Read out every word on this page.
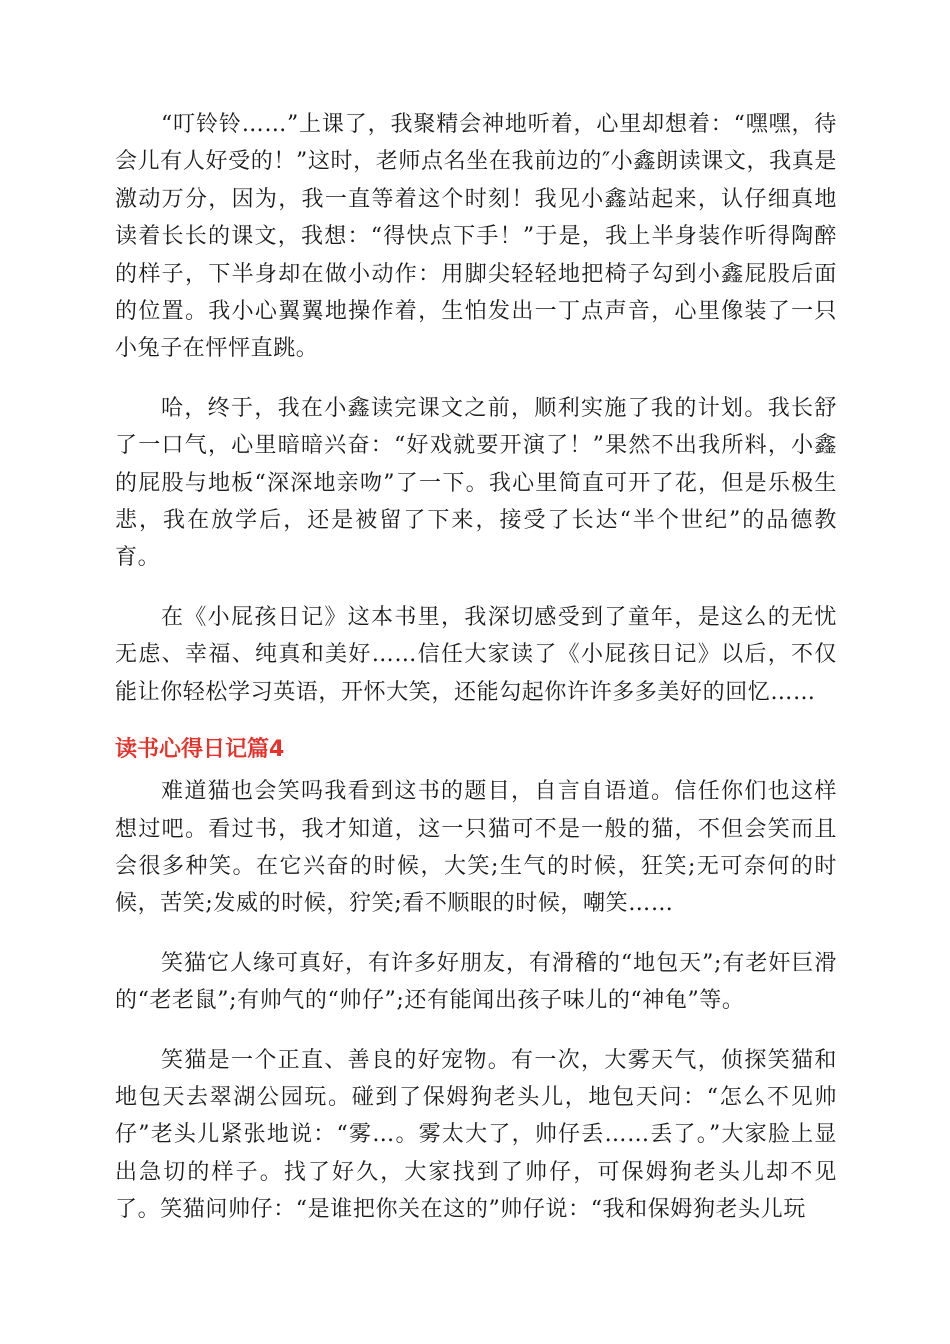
“叮铃铃……”上课了，我聚精会神地听着，心里却想着：“嘿嘿，待会儿有人好受的！”这时，老师点名坐在我前边的″小鑫朗读课文，我真是激动万分，因为，我一直等着这个时刻！我见小鑫站起来，认仔细真地读着长长的课文，我想：“得快点下手！”于是，我上半身装作听得陶醉的样子，下半身却在做小动作：用脚尖轻轻地把椅子勾到小鑫屁股后面的位置。我小心翼翼地操作着，生怕发出一丁点声音，心里像装了一只小兔子在怦怦直跳。

哈，终于，我在小鑫读完课文之前，顺利实施了我的计划。我长舒了一口气，心里暗暗兴奋：“好戏就要开演了！”果然不出我所料，小鑫的屁股与地板“深深地亲吻”了一下。我心里简直可开了花，但是乐极生悲，我在放学后，还是被留了下来，接受了长达“半个世纪”的品德教育。

在《小屁孩日记》这本书里，我深切感受到了童年，是这么的无忧无虑、幸福、纯真和美好……信任大家读了《小屁孩日记》以后，不仅能让你轻松学习英语，开怀大笑，还能勾起你许许多多美好的回忆……

读书心得日记篇4

难道猫也会笑吗我看到这书的题目，自言自语道。信任你们也这样想过吧。看过书，我才知道，这一只猫可不是一般的猫，不但会笑而且会很多种笑。在它兴奋的时候，大笑;生气的时候，狂笑;无可奈何的时候，苦笑;发威的时候，狞笑;看不顺眼的时候，嘲笑……

笑猫它人缘可真好，有许多好朋友，有滑稽的“地包天”;有老奸巨滑的“老老鼠”;有帅气的“帅仔”;还有能闻出孩子味儿的“神龟”等。

笑猫是一个正直、善良的好宠物。有一次，大雾天气，侦探笑猫和地包天去翠湖公园玩。碰到了保姆狗老头儿，地包天问：“怎么不见帅仔”老头儿紧张地说：“雾…。雾太大了，帅仔丢……丢了。”大家脸上显出急切的样子。找了好久，大家找到了帅仔，可保姆狗老头儿却不见了。笑猫问帅仔：“是谁把你关在这的”帅仔说：“我和保姆狗老头儿玩
